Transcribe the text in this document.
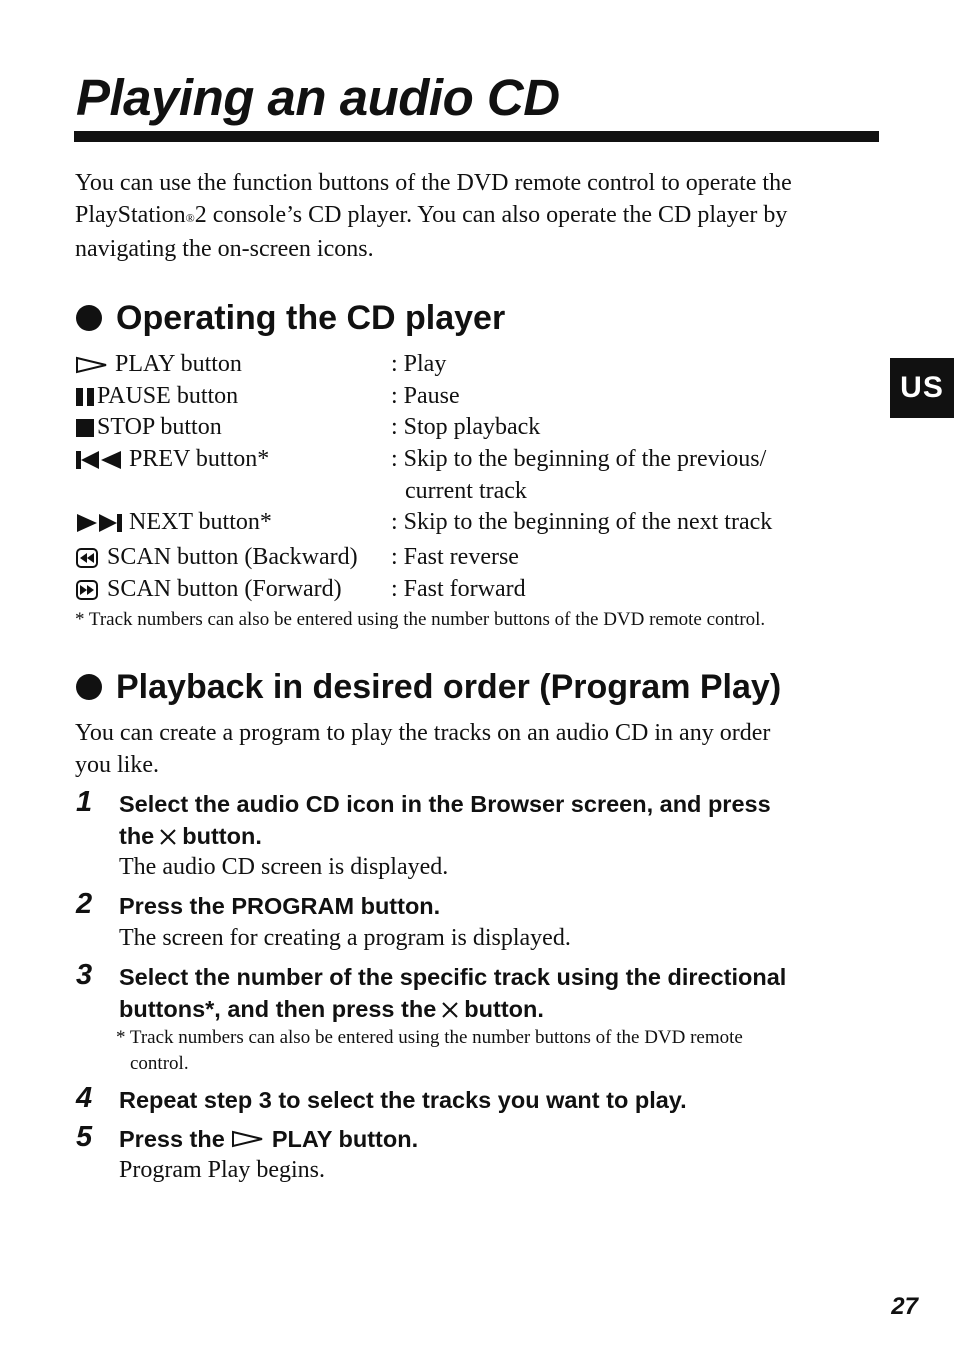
Playing an audio CD
US
You can use the function buttons of the DVD remote control to operate the
PlayStation®2 console’s CD player. You can also operate the CD player by
navigating the on-screen icons.
Operating the CD player
PLAY button	: Play
PAUSE button	: Pause
STOP button	: Stop playback
PREV button*	: Skip to the beginning of the previous/
current track
NEXT button*	: Skip to the beginning of the next track
SCAN button (Backward) : Fast reverse
SCAN button (Forward) : Fast forward
* Track numbers can also be entered using the number buttons of the DVD remote control.
Playback in desired order (Program Play)
You can create a program to play the tracks on an audio CD in any order
you like.
1 Select the audio CD icon in the Browser screen, and press
the button.
The audio CD screen is displayed.
2 Press the PROGRAM button.
The screen for creating a program is displayed.
3 Select the number of the specific track using the directional
buttons*, and then press the button.
* Track numbers can also be entered using the number buttons of the DVD remote
control.
4 Repeat step 3 to select the tracks you want to play.
5 Press the PLAY button.
Program Play begins.
27
